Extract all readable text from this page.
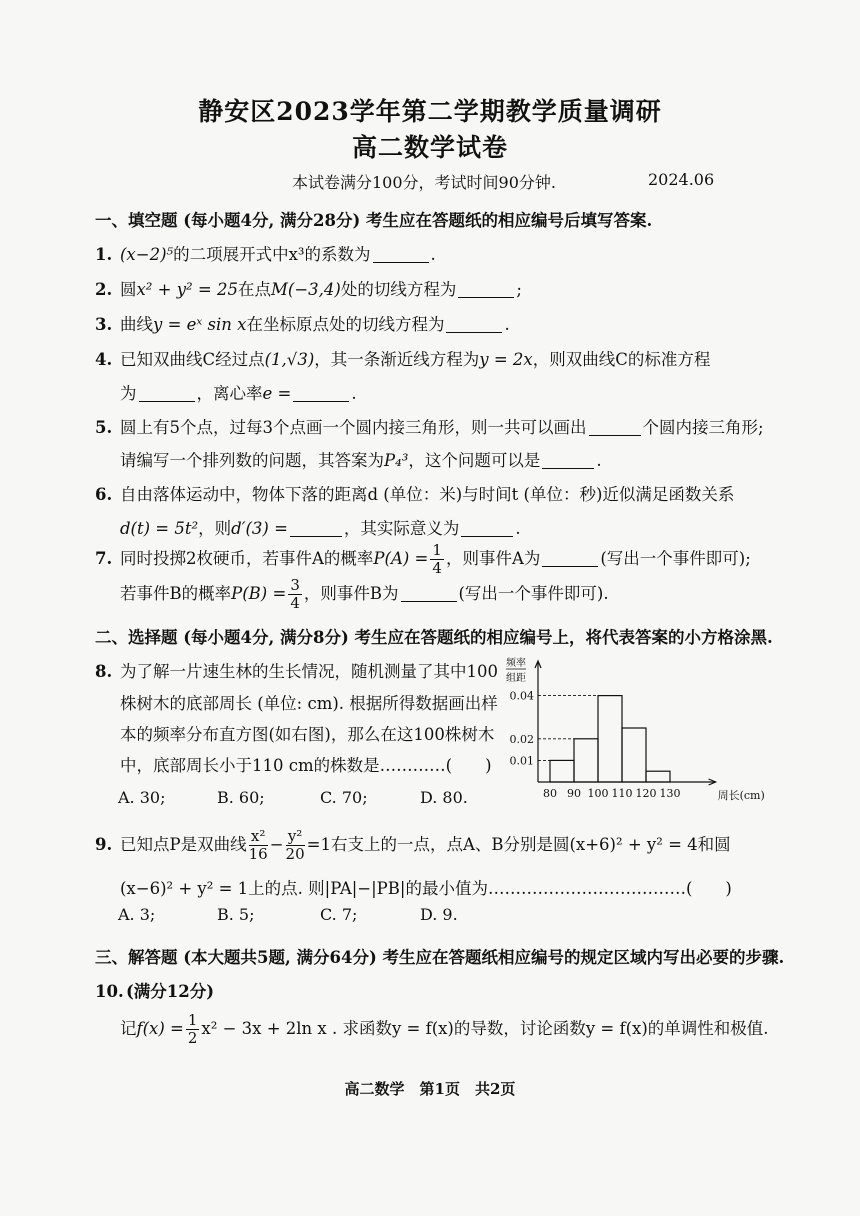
静安区2023学年第二学期教学质量调研
高二数学试卷
本试卷满分100分，考试时间90分钟.	2024.06
一、填空题 (每小题4分, 满分28分) 考生应在答题纸的相应编号后填写答案.
1. (x−2)⁵的二项展开式中x³的系数为	.
2. 圆x² + y² = 25在点M(−3,4)处的切线方程为	;
3. 曲线y = eˣ sin x在坐标原点处的切线方程为	.
4. 已知双曲线C经过点(1,√3)，其一条渐近线方程为y = 2x，则双曲线C的标准方程
为	，离心率e =	.
5. 圆上有5个点，过每3个点画一个圆内接三角形，则一共可以画出	个圆内接三角形;
请编写一个排列数的问题，其答案为P₄³，这个问题可以是	.
6. 自由落体运动中，物体下落的距离d (单位：米)与时间t (单位：秒)近似满足函数关系
d(t) = 5t²，则d′(3) =	，其实际意义为	.
7. 同时投掷2枚硬币，若事件A的概率$P(A) = \frac{1}{4}$ ，则事件A为	(写出一个事件即可);
若事件B的概率$P(B) = \frac{3}{4}$ ，则事件B为	(写出一个事件即可).
二、选择题 (每小题4分, 满分8分) 考生应在答题纸的相应编号上，将代表答案的小方格涂黑.
8. 为了解一片速生林的生长情况，随机测量了其中100
株树木的底部周长 (单位: cm). 根据所得数据画出样
本的频率分布直方图(如右图)，那么在这100株树木
中，底部周长小于110 cm的株数是…………(　　)
A. 30;	B. 60;	C. 70;	D. 80.
0.01
0.02
0.04
80 90 100 110 120 130
频率
组距
周长(cm)
9. 已知点P是双曲线 $\frac{\text{x²}}{16} - \frac{\text{y²}}{20} =1$右支上的一点，点A、B分别是圆(x+6)² + y² = 4和圆
(x−6)² + y² = 1上的点. 则|PA|−|PB|的最小值为………………………………(　　)
A. 3;	B. 5;	C. 7;	D. 9.
三、解答题 (本大题共5题, 满分64分) 考生应在答题纸相应编号的规定区域内写出必要的步骤.
10. (满分12分)
记$f(x) = \frac{1}{2} x^2 - 3x + 2\ln$ x . 求函数y = f(x)的导数，讨论函数y = f(x)的单调性和极值.
高二数学　第1页　共2页
